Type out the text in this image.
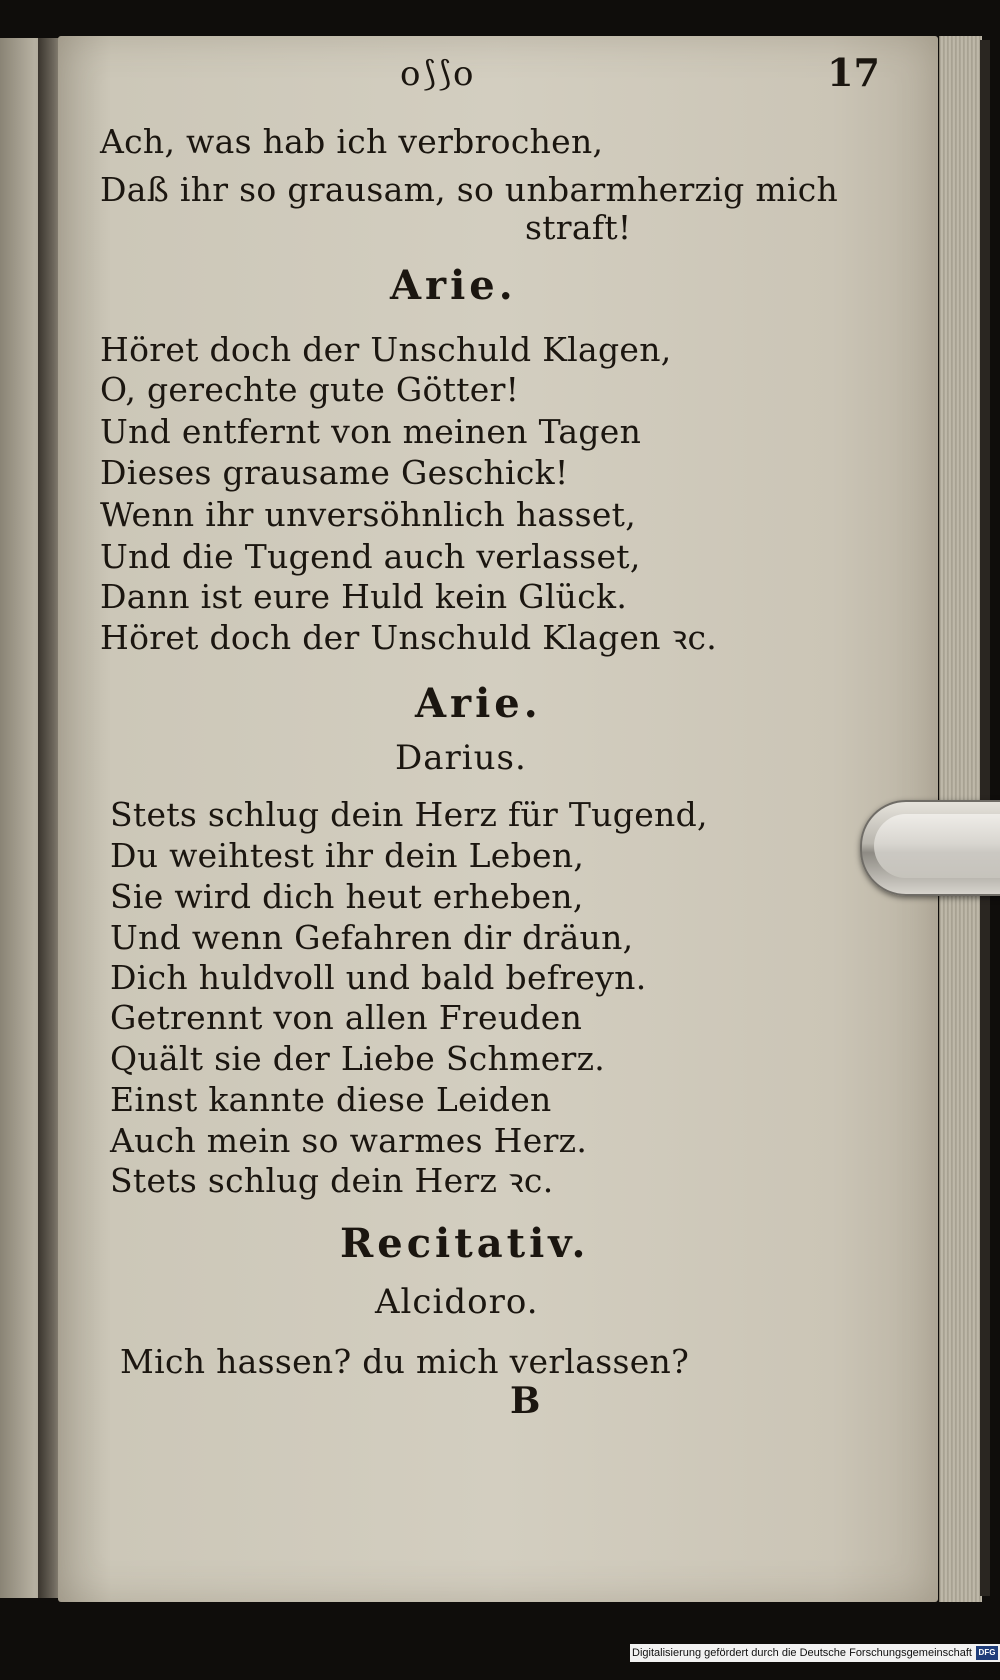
o⟆⟆o	17
Ach, was hab ich verbrochen,
Daß ihr so grausam, so unbarmherzig mich
straft!
Arie.
Höret doch der Unschuld Klagen,
O, gerechte gute Götter!
Und entfernt von meinen Tagen
Dieses grausame Geschick!
Wenn ihr unversöhnlich hasset,
Und die Tugend auch verlasset,
Dann ist eure Huld kein Glück.
Höret doch der Unschuld Klagen ꝛc.
Arie.
Darius.
Stets schlug dein Herz für Tugend,
Du weihtest ihr dein Leben,
Sie wird dich heut erheben,
Und wenn Gefahren dir dräun,
Dich huldvoll und bald befreyn.
Getrennt von allen Freuden
Quält sie der Liebe Schmerz.
Einst kannte diese Leiden
Auch mein so warmes Herz.
Stets schlug dein Herz ꝛc.
Recitativ.
Alcidoro.
Mich hassen? du mich verlassen?
B
Digitalisierung gefördert durch die Deutsche Forschungsgemeinschaft -
DFG
